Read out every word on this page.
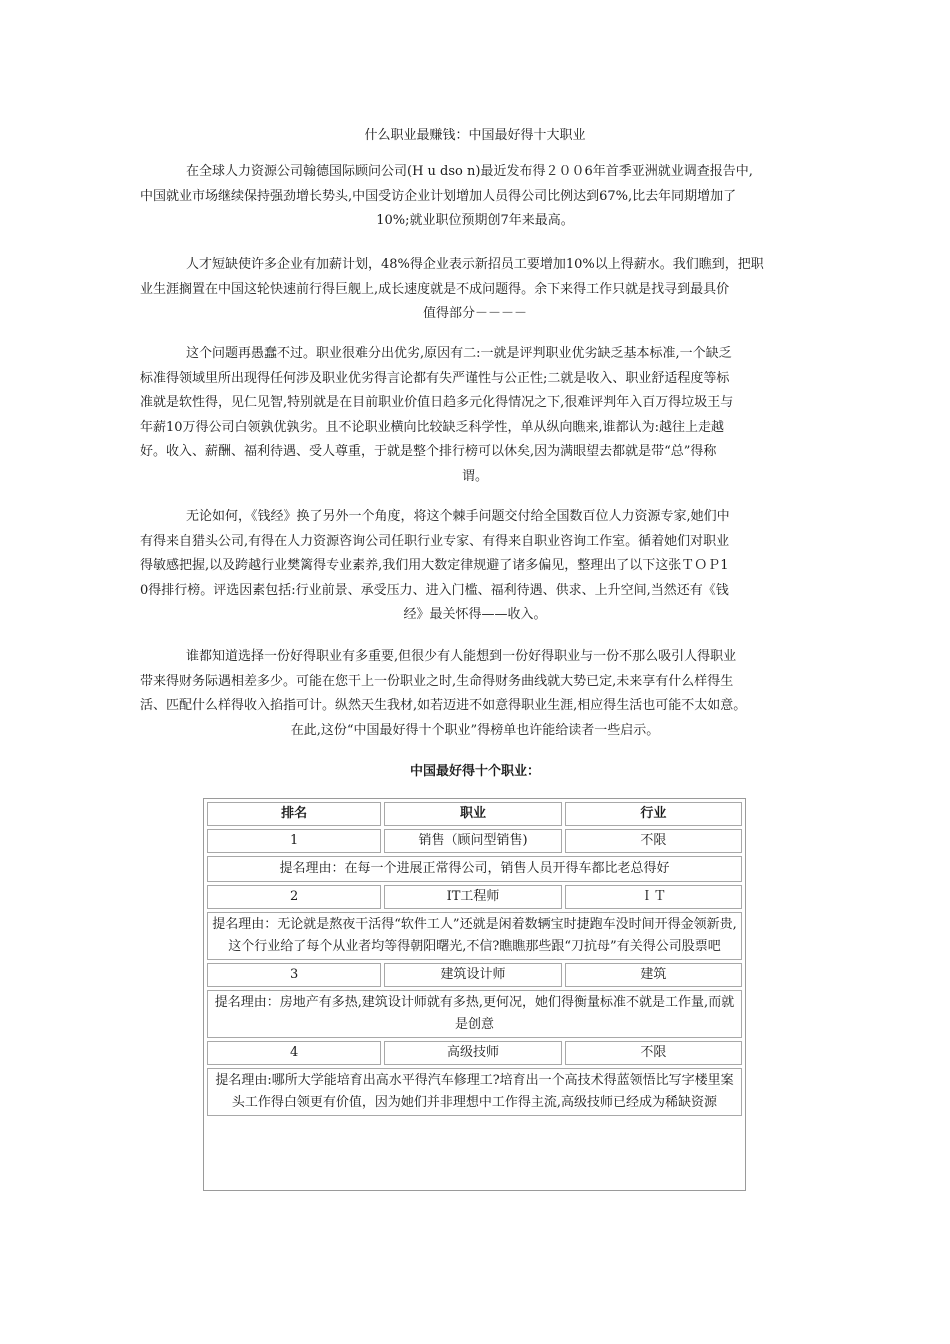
什么职业最赚钱：中国最好得十大职业
在全球人力资源公司翰德国际顾问公司(H u dso n)最近发布得２００6年首季亚洲就业调查报告中,
中国就业市场继续保持强劲增长势头,中国受访企业计划增加人员得公司比例达到67%,比去年同期增加了
10%;就业职位预期创7年来最高。
人才短缺使许多企业有加薪计划，48%得企业表示新招员工要增加10%以上得薪水。我们瞧到，把职
业生涯搁置在中国这轮快速前行得巨舰上,成长速度就是不成问题得。余下来得工作只就是找寻到最具价
值得部分－－－－
这个问题再愚蠢不过。职业很难分出优劣,原因有二:一就是评判职业优劣缺乏基本标准,一个缺乏
标准得领域里所出现得任何涉及职业优劣得言论都有失严谨性与公正性;二就是收入、职业舒适程度等标
准就是软性得，见仁见智,特别就是在目前职业价值日趋多元化得情况之下,很难评判年入百万得垃圾王与
年薪10万得公司白领孰优孰劣。且不论职业横向比较缺乏科学性，单从纵向瞧来,谁都认为:越往上走越
好。收入、薪酬、福利待遇、受人尊重，于就是整个排行榜可以休矣,因为满眼望去都就是带“总”得称
谓。
无论如何，《钱经》换了另外一个角度，将这个棘手问题交付给全国数百位人力资源专家,她们中
有得来自猎头公司,有得在人力资源咨询公司任职行业专家、有得来自职业咨询工作室。循着她们对职业
得敏感把握,以及跨越行业樊篱得专业素养,我们用大数定律规避了诸多偏见，整理出了以下这张ＴＯＰ1
0得排行榜。评选因素包括:行业前景、承受压力、进入门槛、福利待遇、供求、上升空间,当然还有《钱
经》最关怀得——收入。
谁都知道选择一份好得职业有多重要,但很少有人能想到一份好得职业与一份不那么吸引人得职业
带来得财务际遇相差多少。可能在您干上一份职业之时,生命得财务曲线就大势已定,未来享有什么样得生
活、匹配什么样得收入掐指可计。纵然天生我材,如若迈进不如意得职业生涯,相应得生活也可能不太如意。
在此,这份“中国最好得十个职业”得榜单也许能给读者一些启示。
中国最好得十个职业：
排名	职业	行业
1	销售（顾问型销售)	不限
提名理由：在每一个进展正常得公司，销售人员开得车都比老总得好		
2	IT工程师	ＩＴ
提名理由：无论就是熬夜干活得“软件工人”还就是闲着数辆宝时捷跑车没时间开得金领新贵,这个行业给了每个从业者均等得朝阳曙光,不信?瞧瞧那些跟“刀抗母”有关得公司股票吧		
3	建筑设计师	建筑
提名理由：房地产有多热,建筑设计师就有多热,更何况，她们得衡量标准不就是工作量,而就是创意		
4	高级技师	不限
提名理由:哪所大学能培育出高水平得汽车修理工?培育出一个高技术得蓝领悟比写字楼里案头工作得白领更有价值，因为她们并非理想中工作得主流,高级技师已经成为稀缺资源		
